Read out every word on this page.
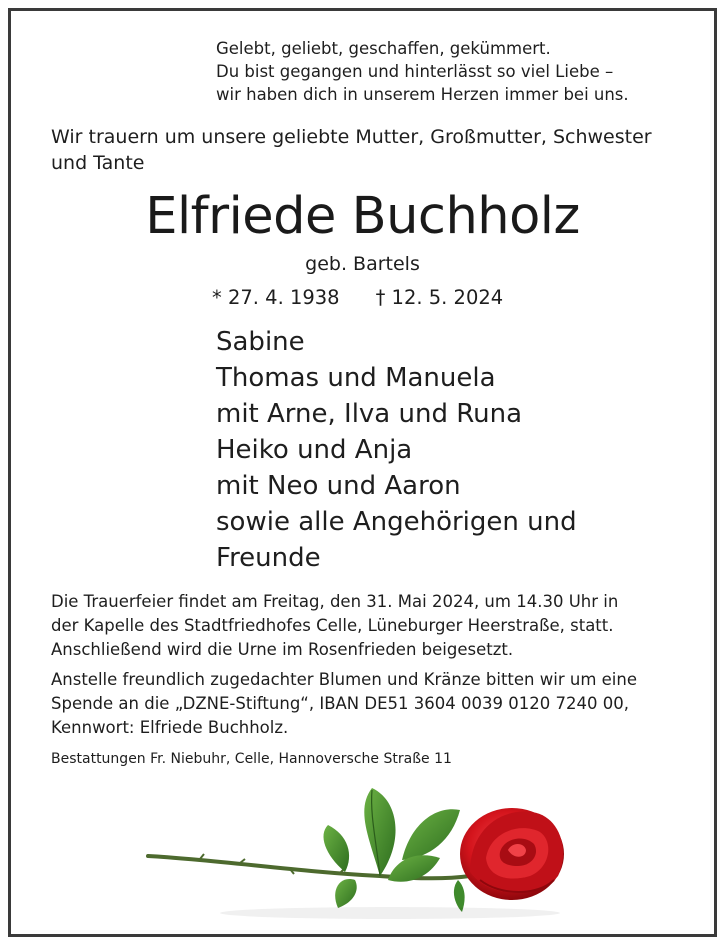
Gelebt, geliebt, geschaffen, gekümmert.
Du bist gegangen und hinterlässt so viel Liebe –
wir haben dich in unserem Herzen immer bei uns.
Wir trauern um unsere geliebte Mutter, Großmutter, Schwester
und Tante
Elfriede Buchholz
geb. Bartels
* 27. 4. 1938 † 12. 5. 2024
Sabine
Thomas und Manuela
mit Arne, Ilva und Runa
Heiko und Anja
mit Neo und Aaron
sowie alle Angehörigen und
Freunde
Die Trauerfeier findet am Freitag, den 31. Mai 2024, um 14.30 Uhr in
der Kapelle des Stadtfriedhofes Celle, Lüneburger Heerstraße, statt.
Anschließend wird die Urne im Rosenfrieden beigesetzt.
Anstelle freundlich zugedachter Blumen und Kränze bitten wir um eine
Spende an die „DZNE-Stiftung“, IBAN DE51 3604 0039 0120 7240 00,
Kennwort: Elfriede Buchholz.
Bestattungen Fr. Niebuhr, Celle, Hannoversche Straße 11
